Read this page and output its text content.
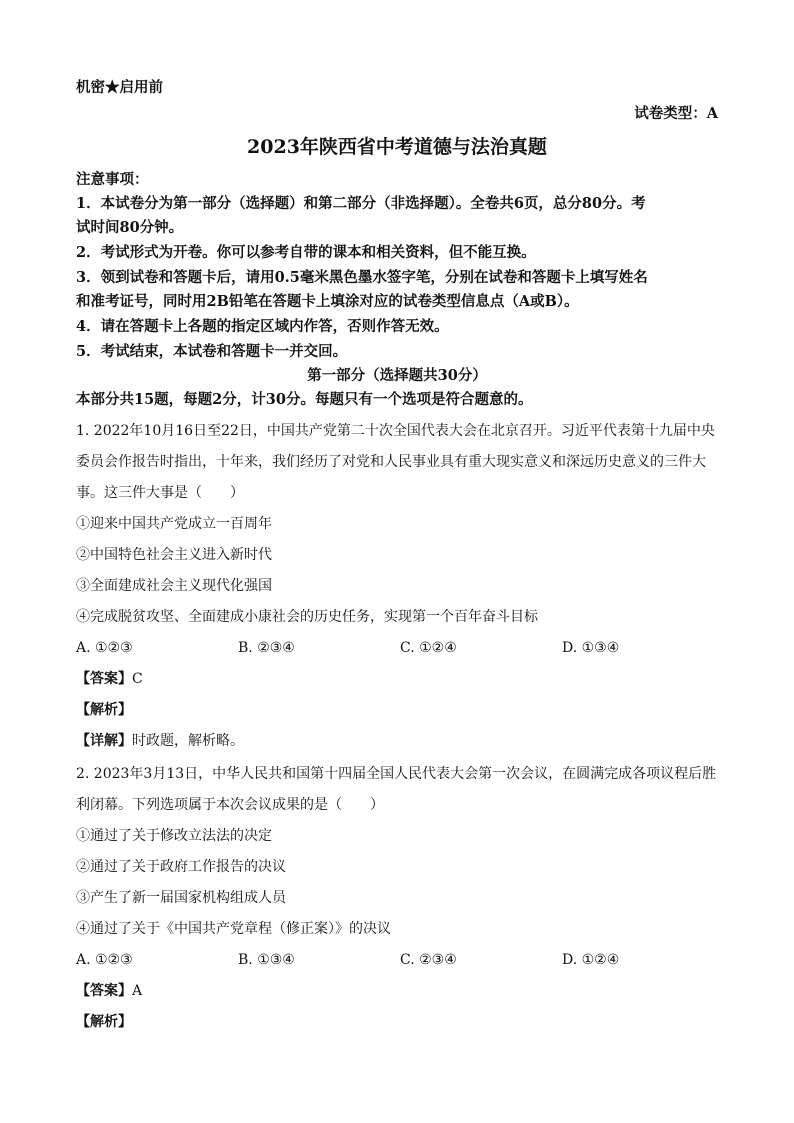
机密★启用前
试卷类型：A
2023年陕西省中考道德与法治真题
注意事项：
1．本试卷分为第一部分（选择题）和第二部分（非选择题）。全卷共6页，总分80分。考
试时间80分钟。
2．考试形式为开卷。你可以参考自带的课本和相关资料，但不能互换。
3．领到试卷和答题卡后，请用0.5毫米黑色墨水签字笔，分别在试卷和答题卡上填写姓名
和准考证号，同时用2B铅笔在答题卡上填涂对应的试卷类型信息点（A或B）。
4．请在答题卡上各题的指定区域内作答，否则作答无效。
5．考试结束，本试卷和答题卡一并交回。
第一部分（选择题共30分）
本部分共15题，每题2分，计30分。每题只有一个选项是符合题意的。
1. 2022年10月16日至22日，中国共产党第二十次全国代表大会在北京召开。习近平代表第十九届中央
委员会作报告时指出，十年来，我们经历了对党和人民事业具有重大现实意义和深远历史意义的三件大
事。这三件大事是（　　）
①迎来中国共产党成立一百周年
②中国特色社会主义进入新时代
③全面建成社会主义现代化强国
④完成脱贫攻坚、全面建成小康社会的历史任务，实现第一个百年奋斗目标
A. ①②③	B. ②③④	C. ①②④	D. ①③④
【答案】C
【解析】
【详解】时政题，解析略。
2. 2023年3月13日，中华人民共和国第十四届全国人民代表大会第一次会议，在圆满完成各项议程后胜
利闭幕。下列选项属于本次会议成果的是（　　）
①通过了关于修改立法法的决定
②通过了关于政府工作报告的决议
③产生了新一届国家机构组成人员
④通过了关于《中国共产党章程（修正案）》的决议
A. ①②③	B. ①③④	C. ②③④	D. ①②④
【答案】A
【解析】
